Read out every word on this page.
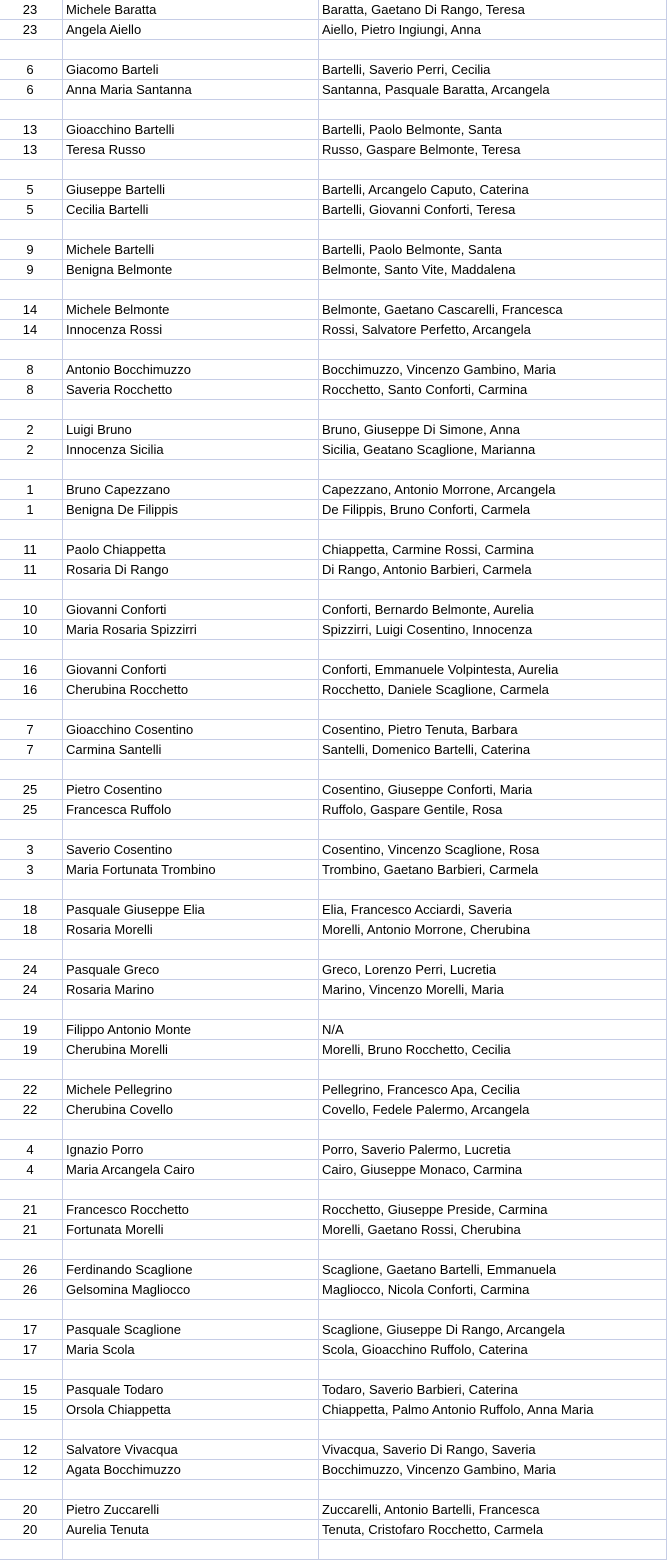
23	Michele Baratta	Baratta, Gaetano Di Rango, Teresa
23	Angela Aiello	Aiello, Pietro Ingiungi, Anna
6	Giacomo Barteli	Bartelli, Saverio Perri, Cecilia
6	Anna Maria Santanna	Santanna, Pasquale Baratta, Arcangela
13	Gioacchino Bartelli	Bartelli, Paolo Belmonte, Santa
13	Teresa Russo	Russo, Gaspare Belmonte, Teresa
5	Giuseppe Bartelli	Bartelli, Arcangelo Caputo, Caterina
5	Cecilia Bartelli	Bartelli, Giovanni Conforti, Teresa
9	Michele Bartelli	Bartelli, Paolo Belmonte, Santa
9	Benigna Belmonte	Belmonte, Santo Vite, Maddalena
14	Michele Belmonte	Belmonte, Gaetano Cascarelli, Francesca
14	Innocenza Rossi	Rossi, Salvatore Perfetto, Arcangela
8	Antonio Bocchimuzzo	Bocchimuzzo, Vincenzo Gambino, Maria
8	Saveria Rocchetto	Rocchetto, Santo Conforti, Carmina
2	Luigi Bruno	Bruno, Giuseppe Di Simone, Anna
2	Innocenza Sicilia	Sicilia, Geatano Scaglione, Marianna
1	Bruno Capezzano	Capezzano, Antonio Morrone, Arcangela
1	Benigna De Filippis	De Filippis, Bruno Conforti, Carmela
11	Paolo Chiappetta	Chiappetta, Carmine Rossi, Carmina
11	Rosaria Di Rango	Di Rango, Antonio Barbieri, Carmela
10	Giovanni Conforti	Conforti, Bernardo Belmonte, Aurelia
10	Maria Rosaria Spizzirri	Spizzirri, Luigi Cosentino, Innocenza
16	Giovanni Conforti	Conforti, Emmanuele Volpintesta, Aurelia
16	Cherubina Rocchetto	Rocchetto, Daniele Scaglione, Carmela
7	Gioacchino Cosentino	Cosentino, Pietro Tenuta, Barbara
7	Carmina Santelli	Santelli, Domenico Bartelli, Caterina
25	Pietro Cosentino	Cosentino, Giuseppe Conforti, Maria
25	Francesca Ruffolo	Ruffolo, Gaspare Gentile, Rosa
3	Saverio Cosentino	Cosentino, Vincenzo Scaglione, Rosa
3	Maria Fortunata Trombino	Trombino, Gaetano Barbieri, Carmela
18	Pasquale Giuseppe Elia	Elia, Francesco Acciardi, Saveria
18	Rosaria Morelli	Morelli, Antonio Morrone, Cherubina
24	Pasquale Greco	Greco, Lorenzo Perri, Lucretia
24	Rosaria Marino	Marino, Vincenzo Morelli, Maria
19	Filippo Antonio Monte	N/A
19	Cherubina Morelli	Morelli, Bruno Rocchetto, Cecilia
22	Michele Pellegrino	Pellegrino, Francesco Apa, Cecilia
22	Cherubina Covello	Covello, Fedele Palermo, Arcangela
4	Ignazio Porro	Porro, Saverio Palermo, Lucretia
4	Maria Arcangela Cairo	Cairo, Giuseppe Monaco, Carmina
21	Francesco Rocchetto	Rocchetto, Giuseppe Preside, Carmina
21	Fortunata Morelli	Morelli, Gaetano Rossi, Cherubina
26	Ferdinando Scaglione	Scaglione, Gaetano Bartelli, Emmanuela
26	Gelsomina Magliocco	Magliocco, Nicola Conforti, Carmina
17	Pasquale Scaglione	Scaglione, Giuseppe Di Rango, Arcangela
17	Maria Scola	Scola, Gioacchino Ruffolo, Caterina
15	Pasquale Todaro	Todaro, Saverio Barbieri, Caterina
15	Orsola Chiappetta	Chiappetta, Palmo Antonio Ruffolo, Anna Maria
12	Salvatore Vivacqua	Vivacqua, Saverio Di Rango, Saveria
12	Agata Bocchimuzzo	Bocchimuzzo, Vincenzo Gambino, Maria
20	Pietro Zuccarelli	Zuccarelli, Antonio Bartelli, Francesca
20	Aurelia Tenuta	Tenuta, Cristofaro Rocchetto, Carmela
